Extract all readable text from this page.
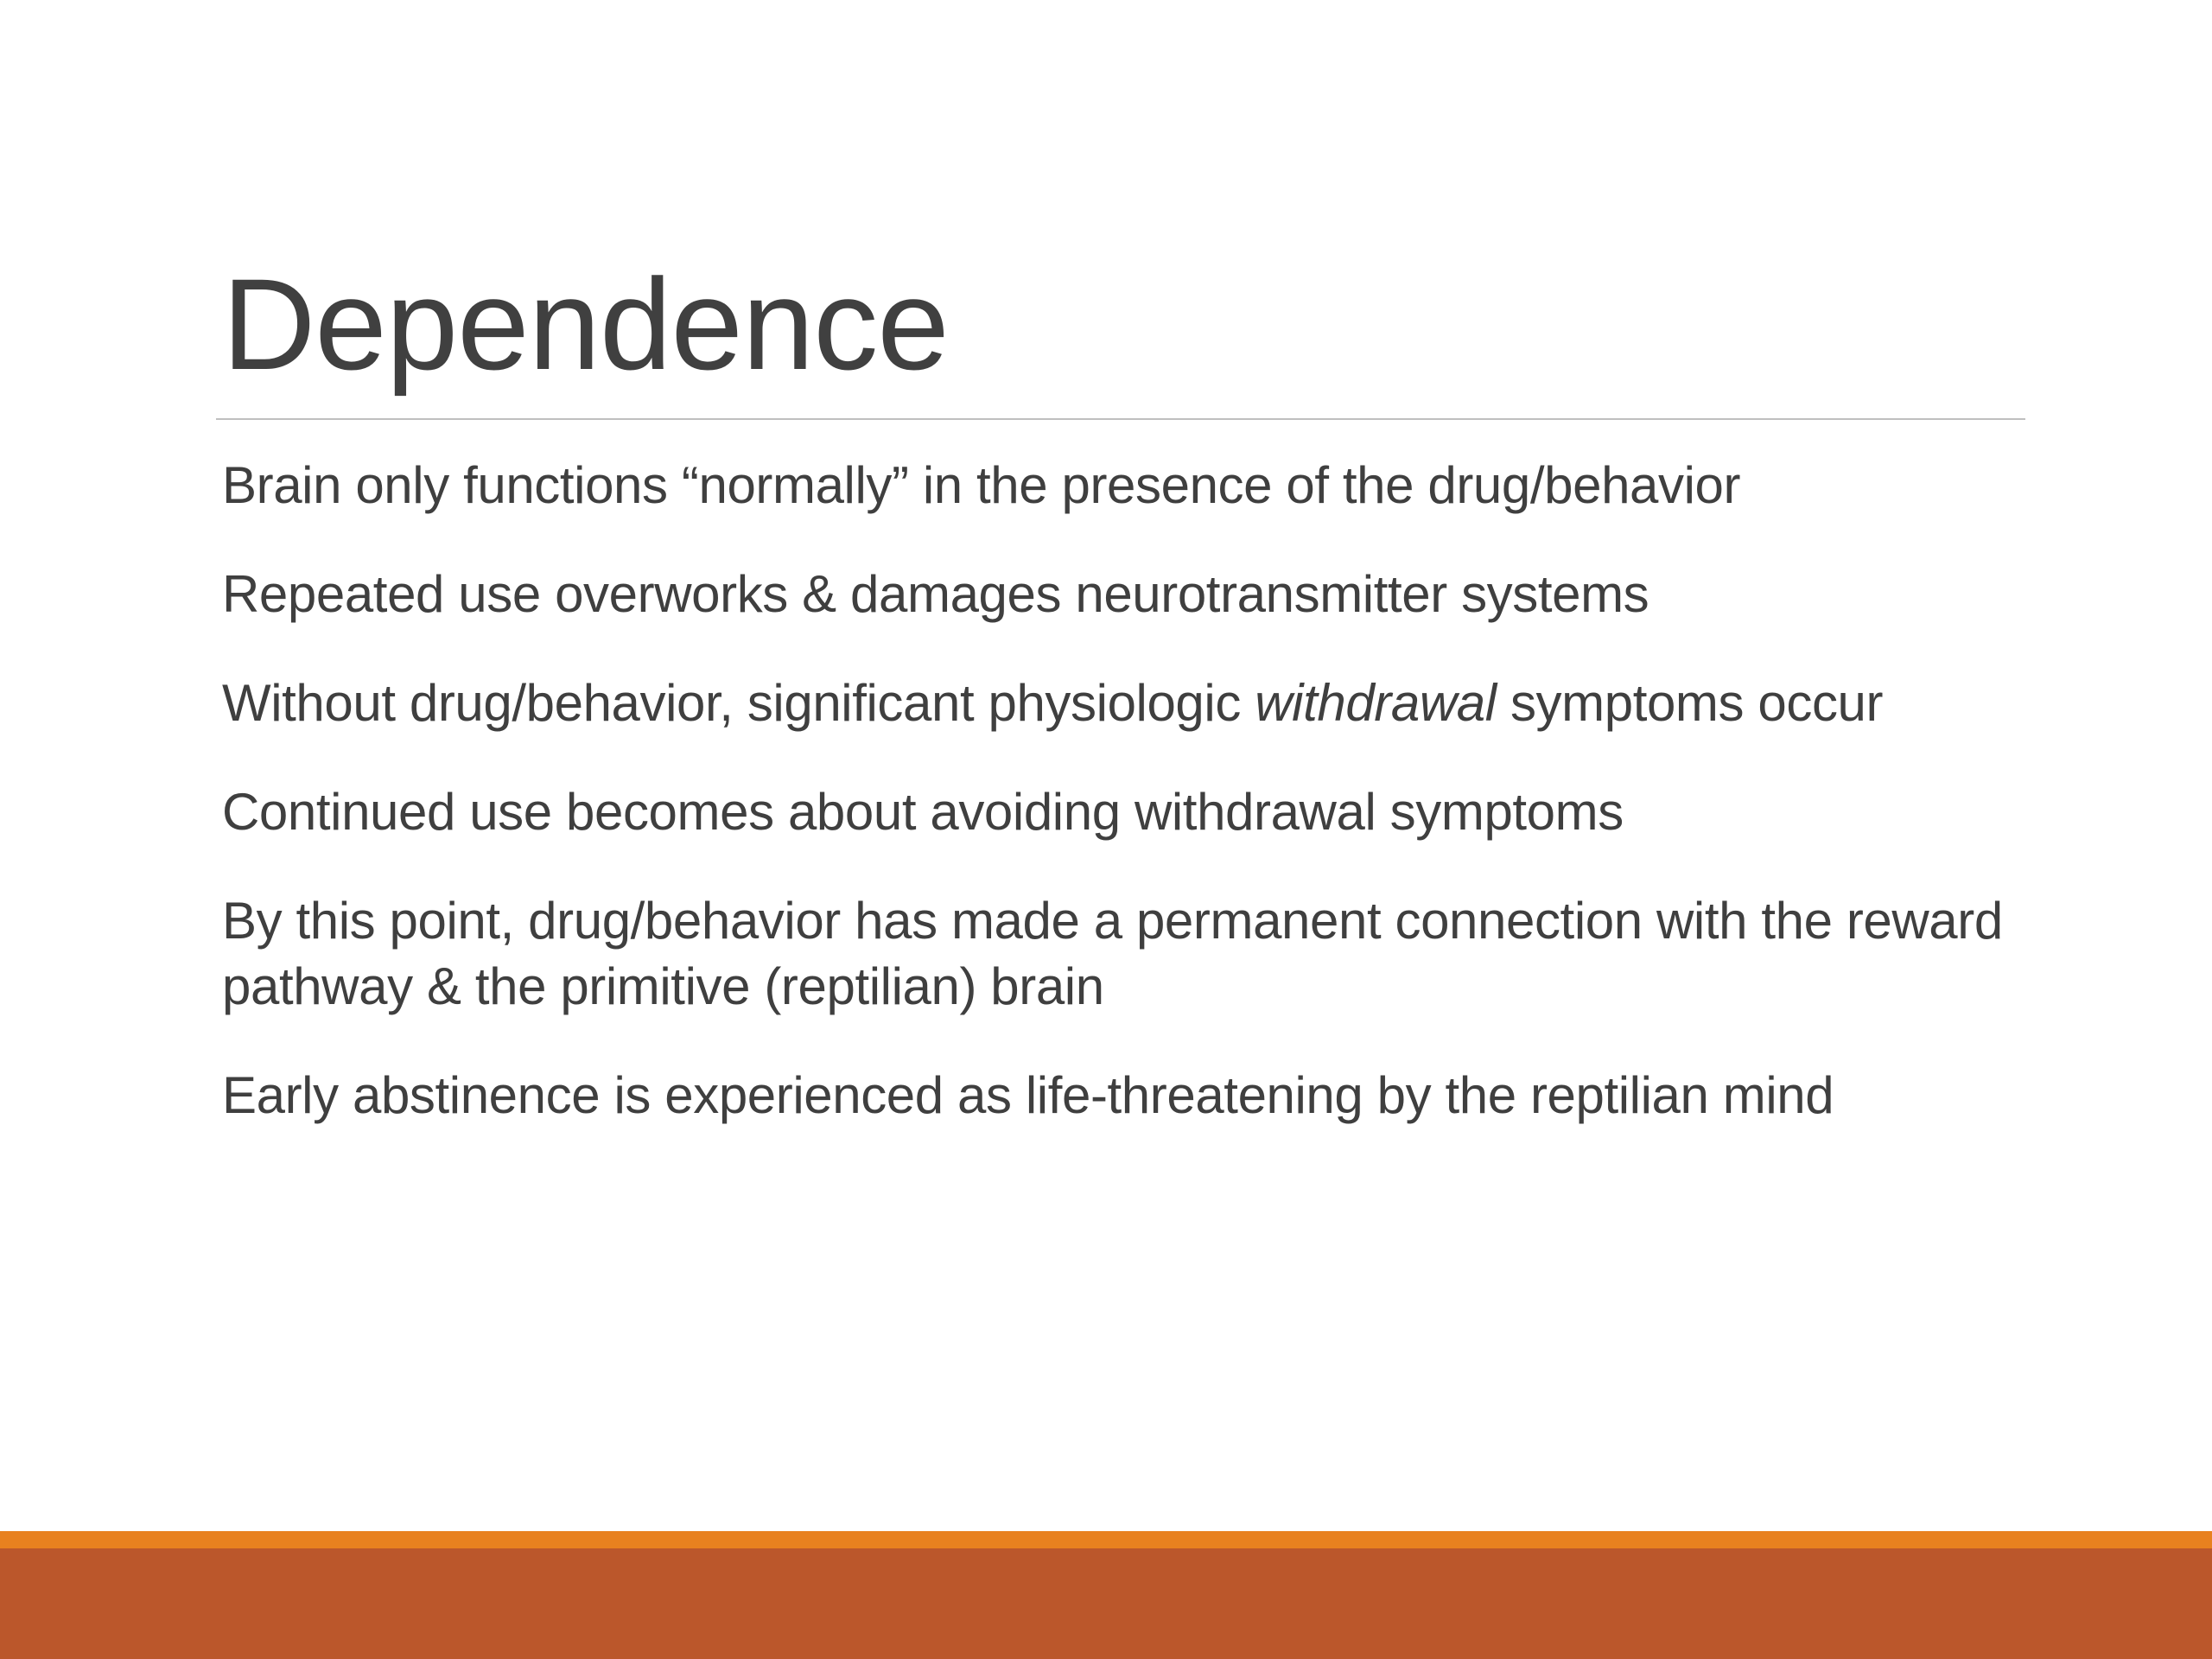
Dependence
Brain only functions “normally” in the presence of the drug/behavior
Repeated use overworks & damages neurotransmitter systems
Without drug/behavior, significant physiologic withdrawal symptoms occur
Continued use becomes about avoiding withdrawal symptoms
By this point, drug/behavior has made a permanent connection with the reward pathway & the primitive (reptilian) brain
Early abstinence is experienced as life-threatening by the reptilian mind
